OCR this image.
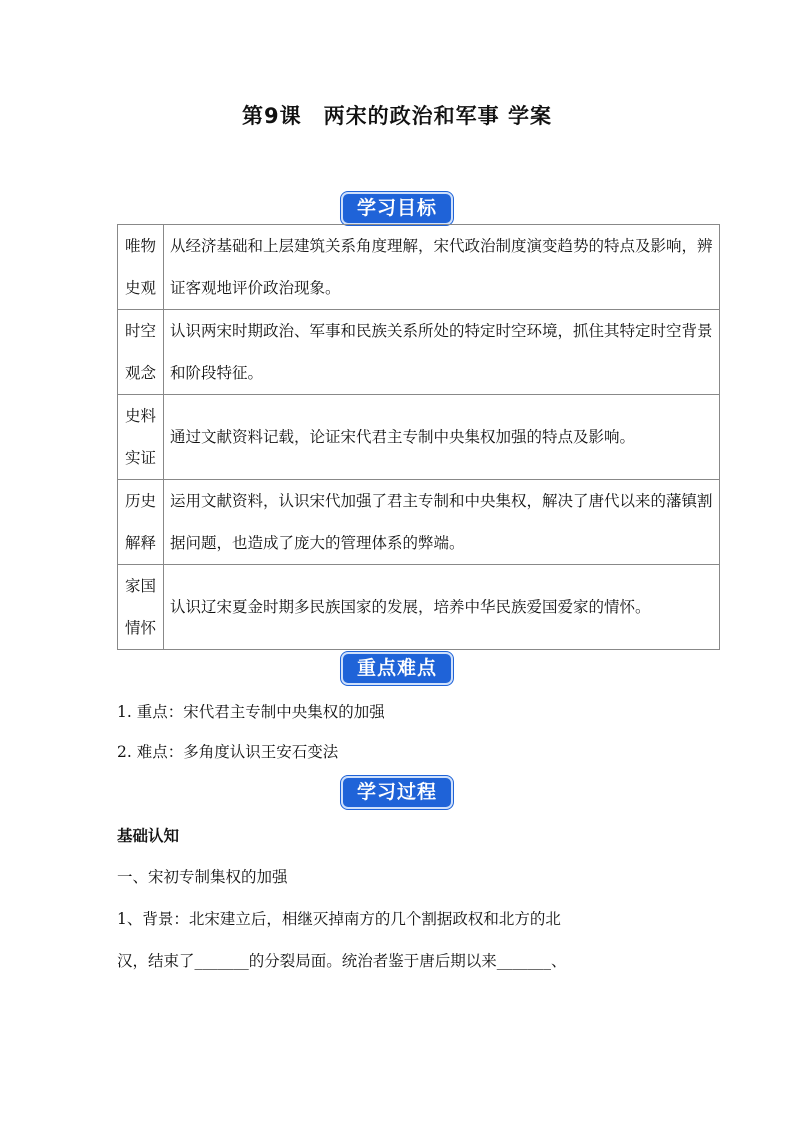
第9课　两宋的政治和军事 学案
学习目标
唯物
史观	从经济基础和上层建筑关系角度理解，宋代政治制度演变趋势的特点及影响，辨证客观地评价政治现象。

时空
观念	认识两宋时期政治、军事和民族关系所处的特定时空环境，抓住其特定时空背景和阶段特征。

史料
实证	通过文献资料记载，论证宋代君主专制中央集权加强的特点及影响。

历史
解释	运用文献资料，认识宋代加强了君主专制和中央集权，解决了唐代以来的藩镇割据问题，也造成了庞大的管理体系的弊端。

家国
情怀	认识辽宋夏金时期多民族国家的发展，培养中华民族爱国爱家的情怀。
重点难点
1. 重点：宋代君主专制中央集权的加强
2. 难点：多角度认识王安石变法
学习过程
基础认知
一、宋初专制集权的加强
1、背景：北宋建立后，相继灭掉南方的几个割据政权和北方的北
汉，结束了_______的分裂局面。统治者鉴于唐后期以来_______、
